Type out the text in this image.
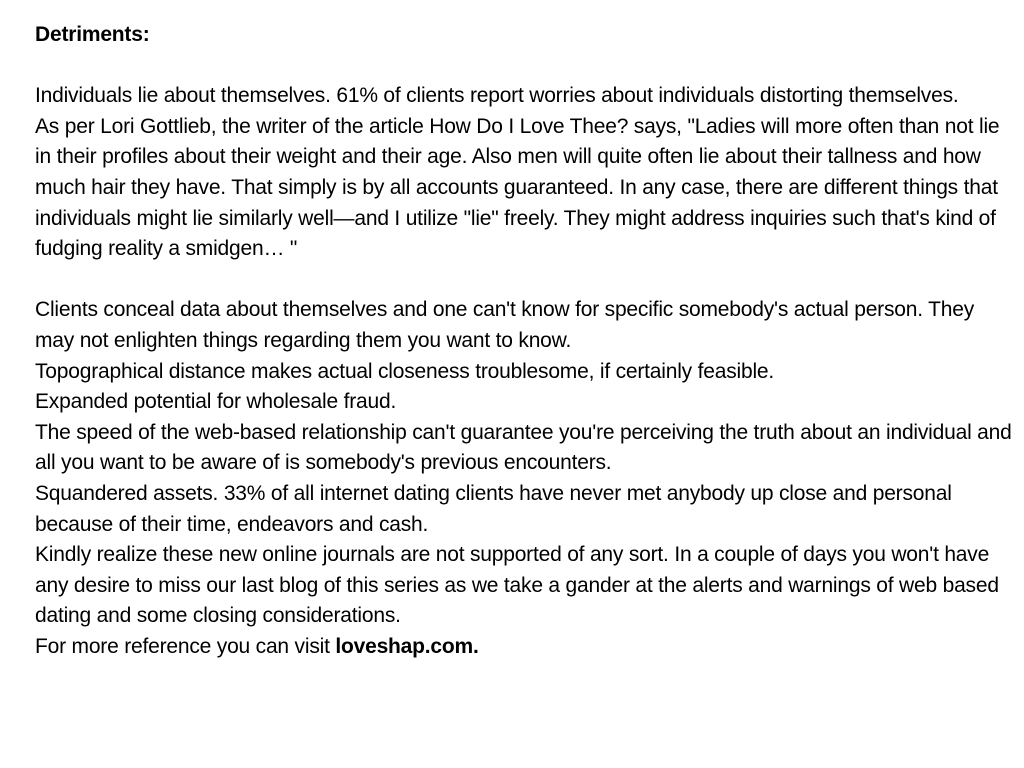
Detriments:

Individuals lie about themselves. 61% of clients report worries about individuals distorting themselves.

As per Lori Gottlieb, the writer of the article How Do I Love Thee? says, "Ladies will more often than not lie in their profiles about their weight and their age. Also men will quite often lie about their tallness and how much hair they have. That simply is by all accounts guaranteed. In any case, there are different things that individuals might lie similarly well—and I utilize "lie" freely. They might address inquiries such that's kind of fudging reality a smidgen… "

Clients conceal data about themselves and one can't know for specific somebody's actual person. They may not enlighten things regarding them you want to know.

Topographical distance makes actual closeness troublesome, if certainly feasible.

Expanded potential for wholesale fraud.

The speed of the web-based relationship can't guarantee you're perceiving the truth about an individual and all you want to be aware of is somebody's previous encounters.

Squandered assets. 33% of all internet dating clients have never met anybody up close and personal because of their time, endeavors and cash.

Kindly realize these new online journals are not supported of any sort. In a couple of days you won't have any desire to miss our last blog of this series as we take a gander at the alerts and warnings of web based dating and some closing considerations.

For more reference you can visit loveshap.com.
